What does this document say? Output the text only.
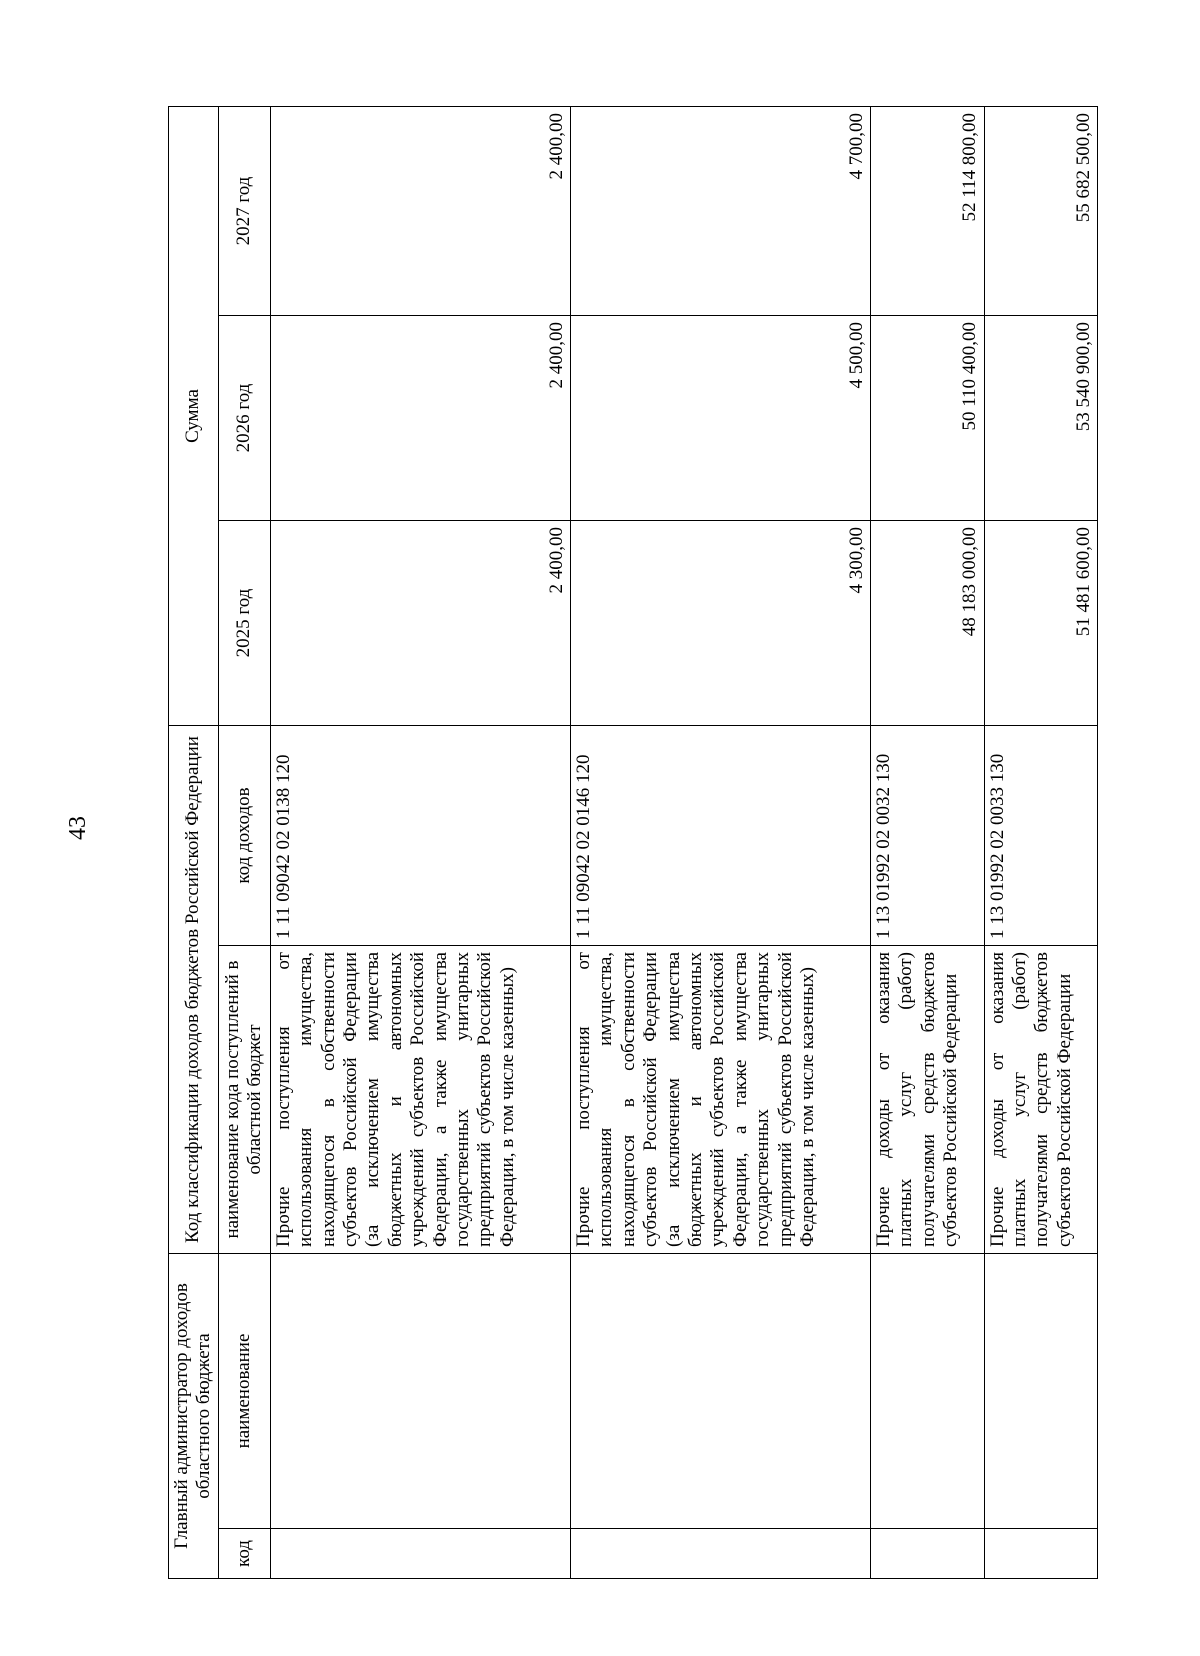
43
Главный администратор доходов областного бюджета		Код классификации доходов бюджетов Российской Федерации		Сумма		
код	наименование	наименование кода поступлений в областной бюджет	код доходов	2025 год	2026 год	2027 год
		Прочие поступления от использования имущества, находящегося в собственности субъектов Российской Федерации (за исключением имущества бюджетных и автономных учреждений субъектов Российской Федерации, а также имущества государственных унитарных предприятий субъектов Российской Федерации, в том числе казенных)	1 11 09042 02 0138 120	2 400,00	2 400,00	2 400,00
		Прочие поступления от использования имущества, находящегося в собственности субъектов Российской Федерации (за исключением имущества бюджетных и автономных учреждений субъектов Российской Федерации, а также имущества государственных унитарных предприятий субъектов Российской Федерации, в том числе казенных)	1 11 09042 02 0146 120	4 300,00	4 500,00	4 700,00
		Прочие доходы от оказания платных услуг (работ) получателями средств бюджетов субъектов Российской Федерации	1 13 01992 02 0032 130	48 183 000,00	50 110 400,00	52 114 800,00
		Прочие доходы от оказания платных услуг (работ) получателями средств бюджетов субъектов Российской Федерации	1 13 01992 02 0033 130	51 481 600,00	53 540 900,00	55 682 500,00
